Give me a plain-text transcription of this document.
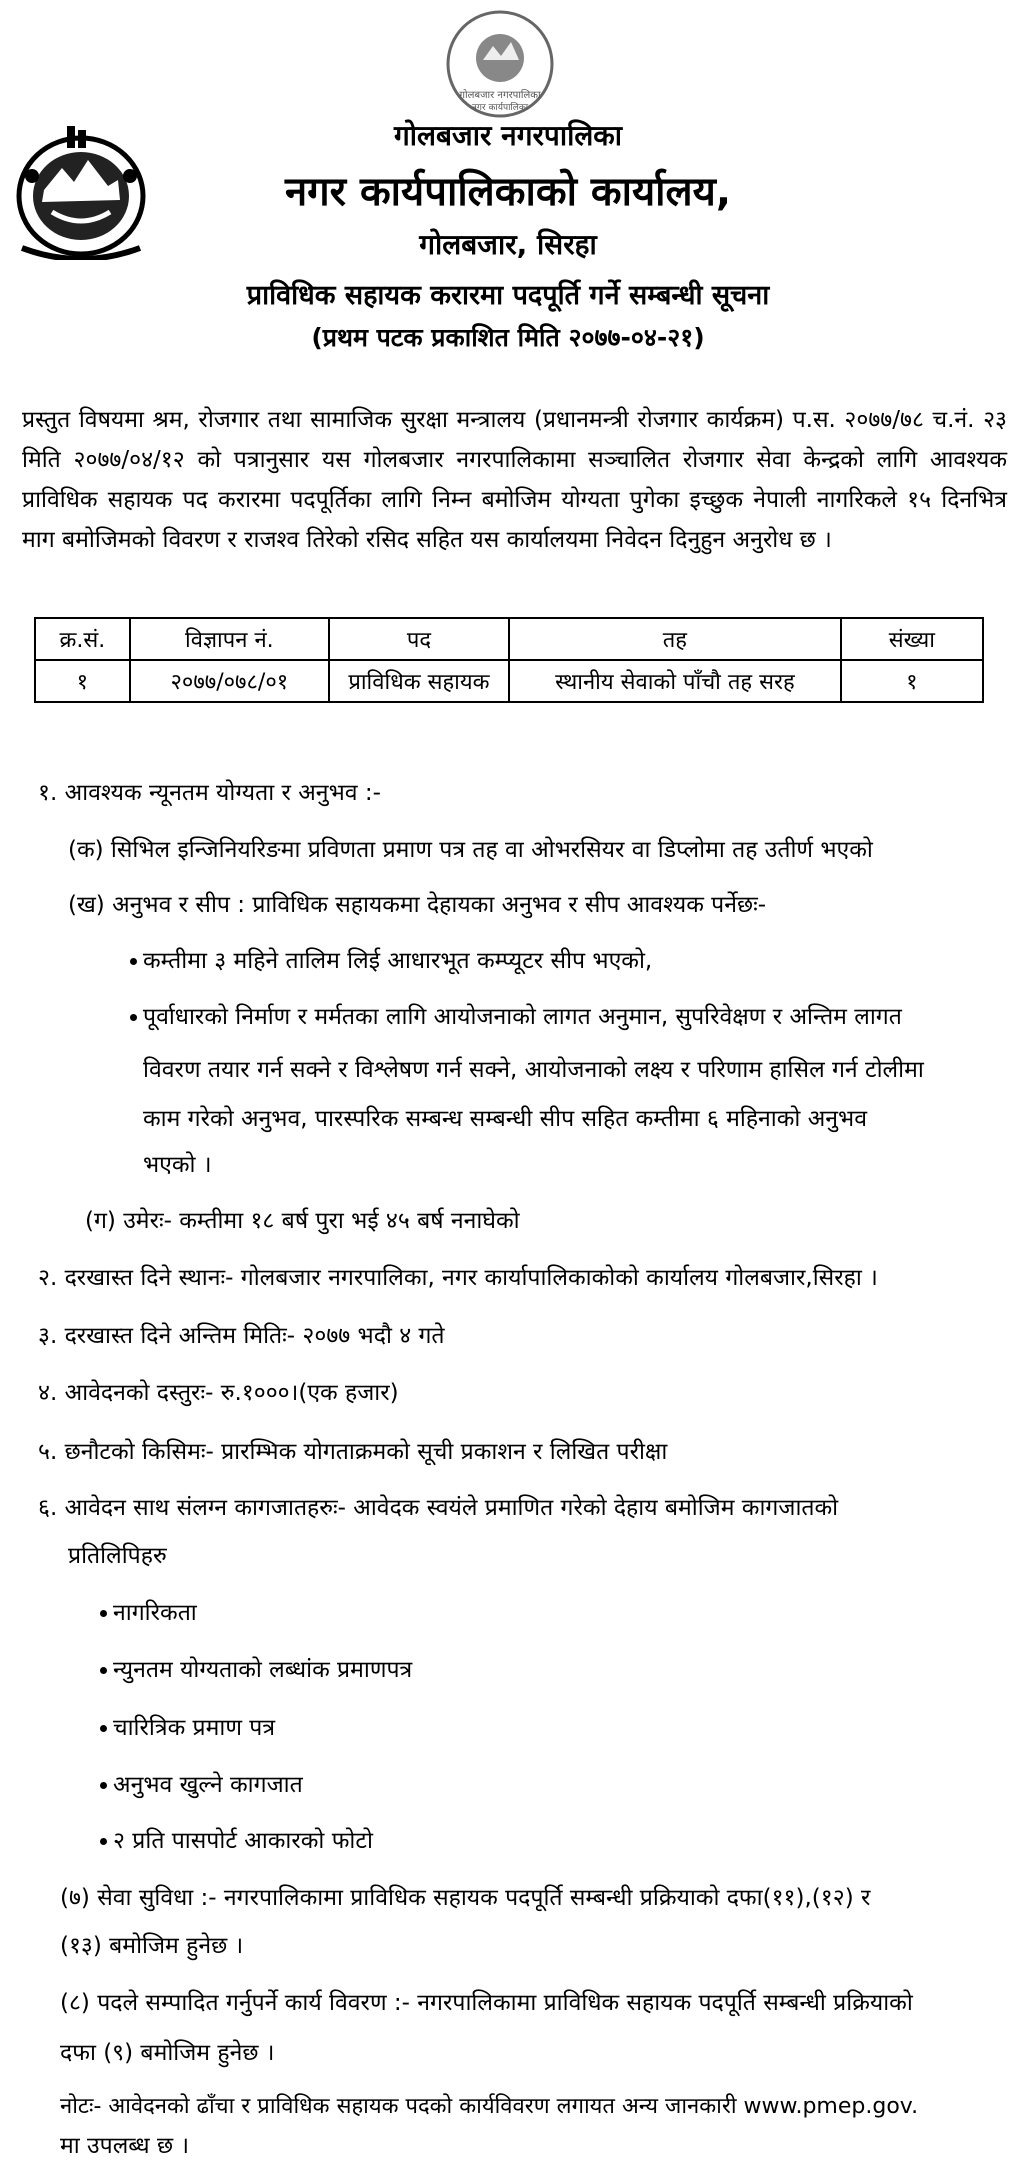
गोलबजार नगरपालिका
नगर कार्यपालिका
गोलबजार नगरपालिका
नगर कार्यपालिकाको कार्यालय,
गोलबजार, सिरहा
प्राविधिक सहायक करारमा पदपूर्ति गर्ने सम्बन्धी सूचना
(प्रथम पटक प्रकाशित मिति २०७७-०४-२१)
प्रस्तुत विषयमा श्रम, रोजगार तथा सामाजिक सुरक्षा मन्त्रालय (प्रधानमन्त्री रोजगार कार्यक्रम) प.स. २०७७/७८ च.नं. २३ मिति २०७७/०४/१२ को पत्रानुसार यस गोलबजार नगरपालिकामा सञ्चालित रोजगार सेवा केन्द्रको लागि आवश्यक प्राविधिक सहायक पद करारमा पदपूर्तिका लागि निम्न बमोजिम योग्यता पुगेका इच्छुक नेपाली नागरिकले १५ दिनभित्र माग बमोजिमको विवरण र राजश्व तिरेको रसिद सहित यस कार्यालयमा निवेदन दिनुहुन अनुरोध छ ।
क्र.सं.	विज्ञापन नं.	पद	तह	संख्या
१	२०७७/०७८/०१	प्राविधिक सहायक	स्थानीय सेवाको पाँचौ तह सरह	१
१. आवश्यक न्यूनतम योग्यता र अनुभव :-
(क) सिभिल इन्जिनियरिङमा प्रविणता प्रमाण पत्र तह वा ओभरसियर वा डिप्लोमा तह उतीर्ण भएको
(ख) अनुभव र सीप : प्राविधिक सहायकमा देहायका अनुभव र सीप आवश्यक पर्नेछः-
कम्तीमा ३ महिने तालिम लिई आधारभूत कम्प्यूटर सीप भएको,
पूर्वाधारको निर्माण र मर्मतका लागि आयोजनाको लागत अनुमान, सुपरिवेक्षण र अन्तिम लागत
विवरण तयार गर्न सक्ने र विश्लेषण गर्न सक्ने, आयोजनाको लक्ष्य र परिणाम हासिल गर्न टोलीमा
काम गरेको अनुभव, पारस्परिक सम्बन्ध सम्बन्धी सीप सहित कम्तीमा ६ महिनाको अनुभव
भएको ।
(ग) उमेरः- कम्तीमा १८ बर्ष पुरा भई ४५ बर्ष ननाघेको
२. दरखास्त दिने स्थानः- गोलबजार नगरपालिका, नगर कार्यापालिकाकोको कार्यालय गोलबजार,सिरहा ।
३. दरखास्त दिने अन्तिम मितिः- २०७७ भदौ ४ गते
४. आवेदनको दस्तुरः- रु.१०००।(एक हजार)
५. छनौटको किसिमः- प्रारम्भिक योगताक्रमको सूची प्रकाशन र लिखित परीक्षा
६. आवेदन साथ संलग्न कागजातहरुः- आवेदक स्वयंले प्रमाणित गरेको देहाय बमोजिम कागजातको
प्रतिलिपिहरु
नागरिकता
न्युनतम योग्यताको लब्धांक प्रमाणपत्र
चारित्रिक प्रमाण पत्र
अनुभव खुल्ने कागजात
२ प्रति पासपोर्ट आकारको फोटो
(७) सेवा सुविधा :- नगरपालिकामा प्राविधिक सहायक पदपूर्ति सम्बन्धी प्रक्रियाको दफा(११),(१२) र
(१३) बमोजिम हुनेछ ।
(८) पदले सम्पादित गर्नुपर्ने कार्य विवरण :- नगरपालिकामा प्राविधिक सहायक पदपूर्ति सम्बन्धी प्रक्रियाको
दफा (९) बमोजिम हुनेछ ।
नोटः- आवेदनको ढाँचा र प्राविधिक सहायक पदको कार्यविवरण लगायत अन्य जानकारी www.pmep.gov.
मा उपलब्ध छ ।
